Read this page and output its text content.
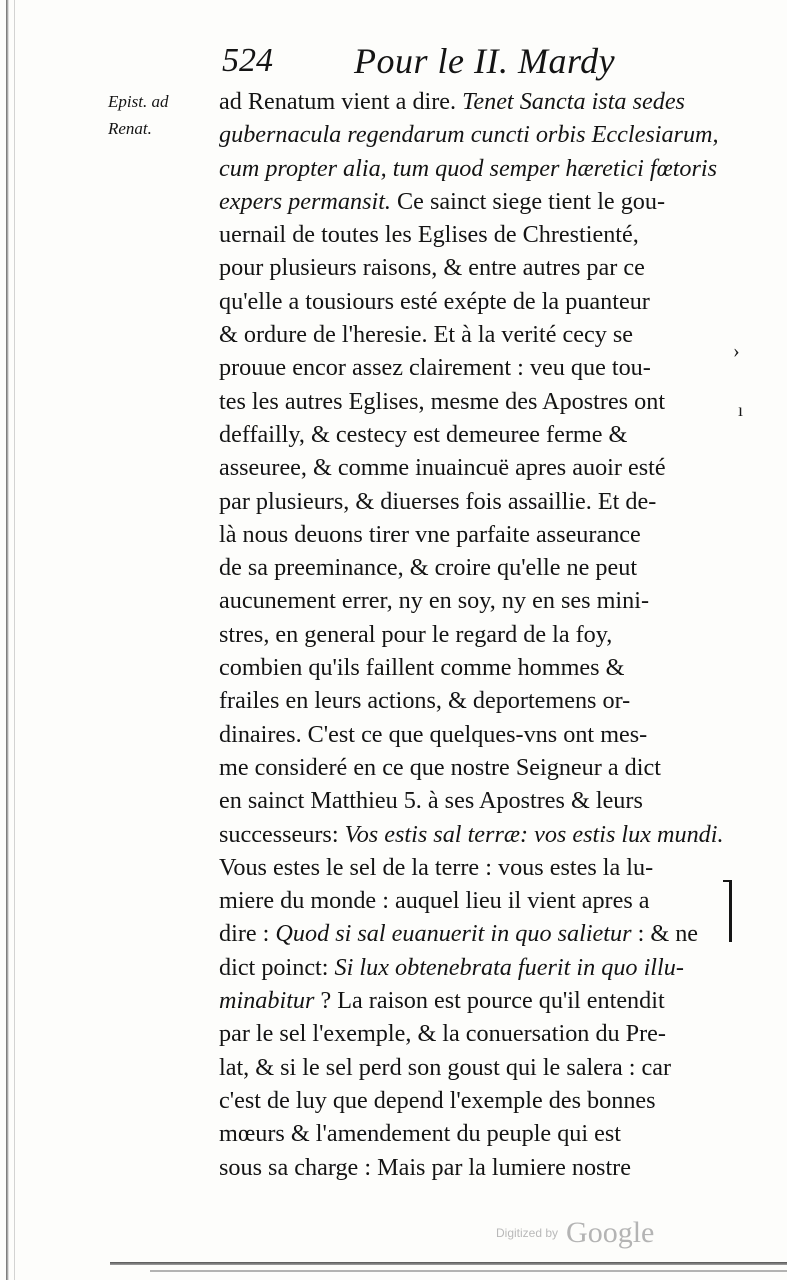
524 Pour le II. Mardy
Epist. ad
Renat.
ad Renatum vient a dire. Tenet Sancta ista sedes
gubernacula regendarum cuncti orbis Ecclesiarum,
cum propter alia, tum quod semper hæretici fœtoris
expers permansit. Ce sainct siege tient le gou-
uernail de toutes les Eglises de Chrestienté,
pour plusieurs raisons, & entre autres par ce
qu'elle a tousiours esté exépte de la puanteur
& ordure de l'heresie. Et à la verité cecy se
prouue encor assez clairement : veu que tou-
tes les autres Eglises, mesme des Apostres ont
deffailly, & cestecy est demeuree ferme &
asseuree, & comme inuaincuë apres auoir esté
par plusieurs, & diuerses fois assaillie. Et de-
là nous deuons tirer vne parfaite asseurance
de sa preeminance, & croire qu'elle ne peut
aucunement errer, ny en soy, ny en ses mini-
stres, en general pour le regard de la foy,
combien qu'ils faillent comme hommes &
frailes en leurs actions, & deportemens or-
dinaires. C'est ce que quelques-vns ont mes-
me consideré en ce que nostre Seigneur a dict
en sainct Matthieu 5. à ses Apostres & leurs
successeurs: Vos estis sal terræ: vos estis lux mundi.
Vous estes le sel de la terre : vous estes la lu-
miere du monde : auquel lieu il vient apres a
dire : Quod si sal euanuerit in quo salietur : & ne
dict poinct: Si lux obtenebrata fuerit in quo illu-
minabitur ? La raison est pource qu'il entendit
par le sel l'exemple, & la conuersation du Pre-
lat, & si le sel perd son goust qui le salera : car
c'est de luy que depend l'exemple des bonnes
mœurs & l'amendement du peuple qui est
sous sa charge : Mais par la lumiere nostre
›
ı
Digitized by Google
